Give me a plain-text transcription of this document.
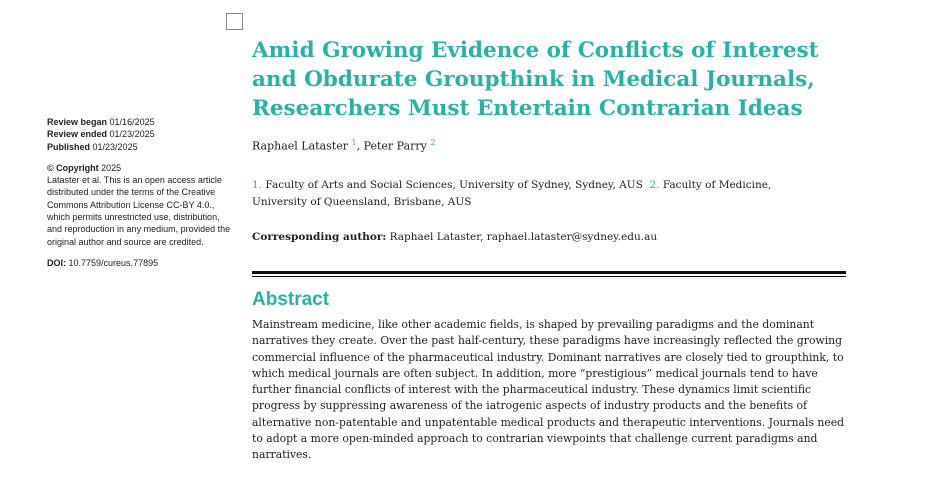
Review began 01/16/2025
Review ended 01/23/2025
Published 01/23/2025
© Copyright 2025
Lataster et al. This is an open access article distributed under the terms of the Creative Commons Attribution License CC-BY 4.0., which permits unrestricted use, distribution, and reproduction in any medium, provided the original author and source are credited.
DOI: 10.7759/cureus.77895
Amid Growing Evidence of Conflicts of Interest and Obdurate Groupthink in Medical Journals, Researchers Must Entertain Contrarian Ideas
Raphael Lataster $^1$, Peter Parry $^2$
1. Faculty of Arts and Social Sciences, University of Sydney, Sydney, AUS 2. Faculty of Medicine, University of Queensland, Brisbane, AUS
Corresponding author: Raphael Lataster, raphael.lataster@sydney.edu.au
Abstract
Mainstream medicine, like other academic fields, is shaped by prevailing paradigms and the dominant narratives they create. Over the past half-century, these paradigms have increasingly reflected the growing commercial influence of the pharmaceutical industry. Dominant narratives are closely tied to groupthink, to which medical journals are often subject. In addition, more “prestigious” medical journals tend to have further financial conflicts of interest with the pharmaceutical industry. These dynamics limit scientific progress by suppressing awareness of the iatrogenic aspects of industry products and the benefits of alternative non-patentable and unpatentable medical products and therapeutic interventions. Journals need to adopt a more open-minded approach to contrarian viewpoints that challenge current paradigms and narratives.
